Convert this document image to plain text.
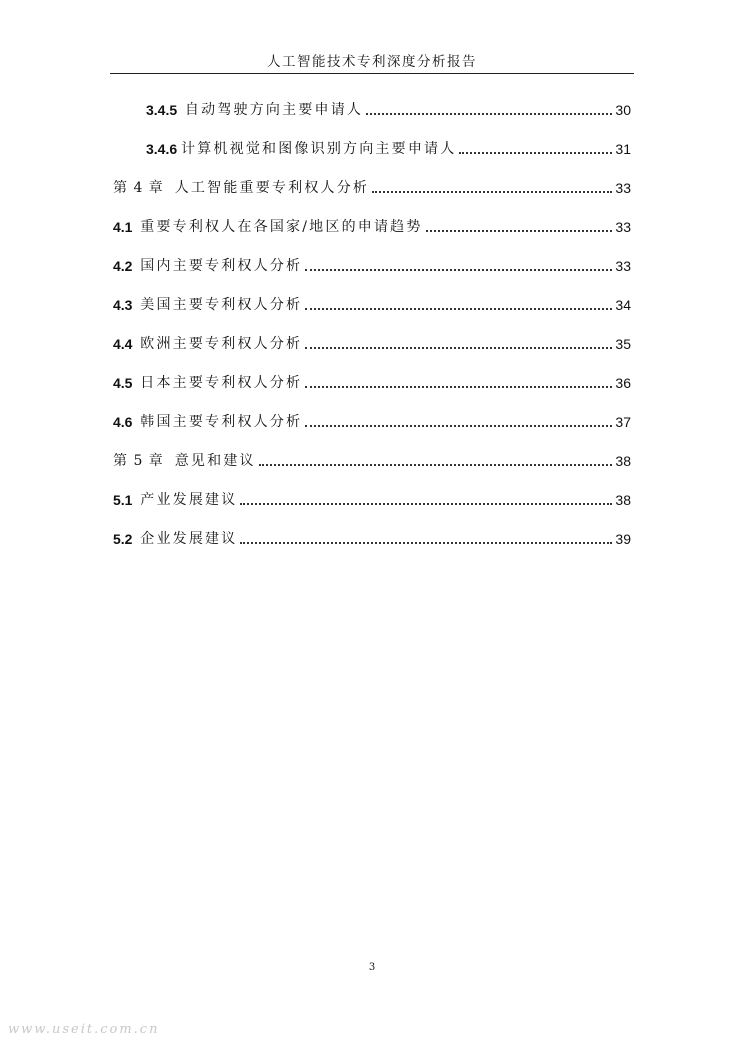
人工智能技术专利深度分析报告
3.4.5 自动驾驶方向主要申请人	30
3.4.6 计算机视觉和图像识别方向主要申请人	31
第 4 章 人工智能重要专利权人分析	33
4.1 重要专利权人在各国家/地区的申请趋势	33
4.2 国内主要专利权人分析	33
4.3 美国主要专利权人分析	34
4.4 欧洲主要专利权人分析	35
4.5 日本主要专利权人分析	36
4.6 韩国主要专利权人分析	37
第 5 章 意见和建议	38
5.1 产业发展建议	38
5.2 企业发展建议	39
3
www.useit.com.cn
